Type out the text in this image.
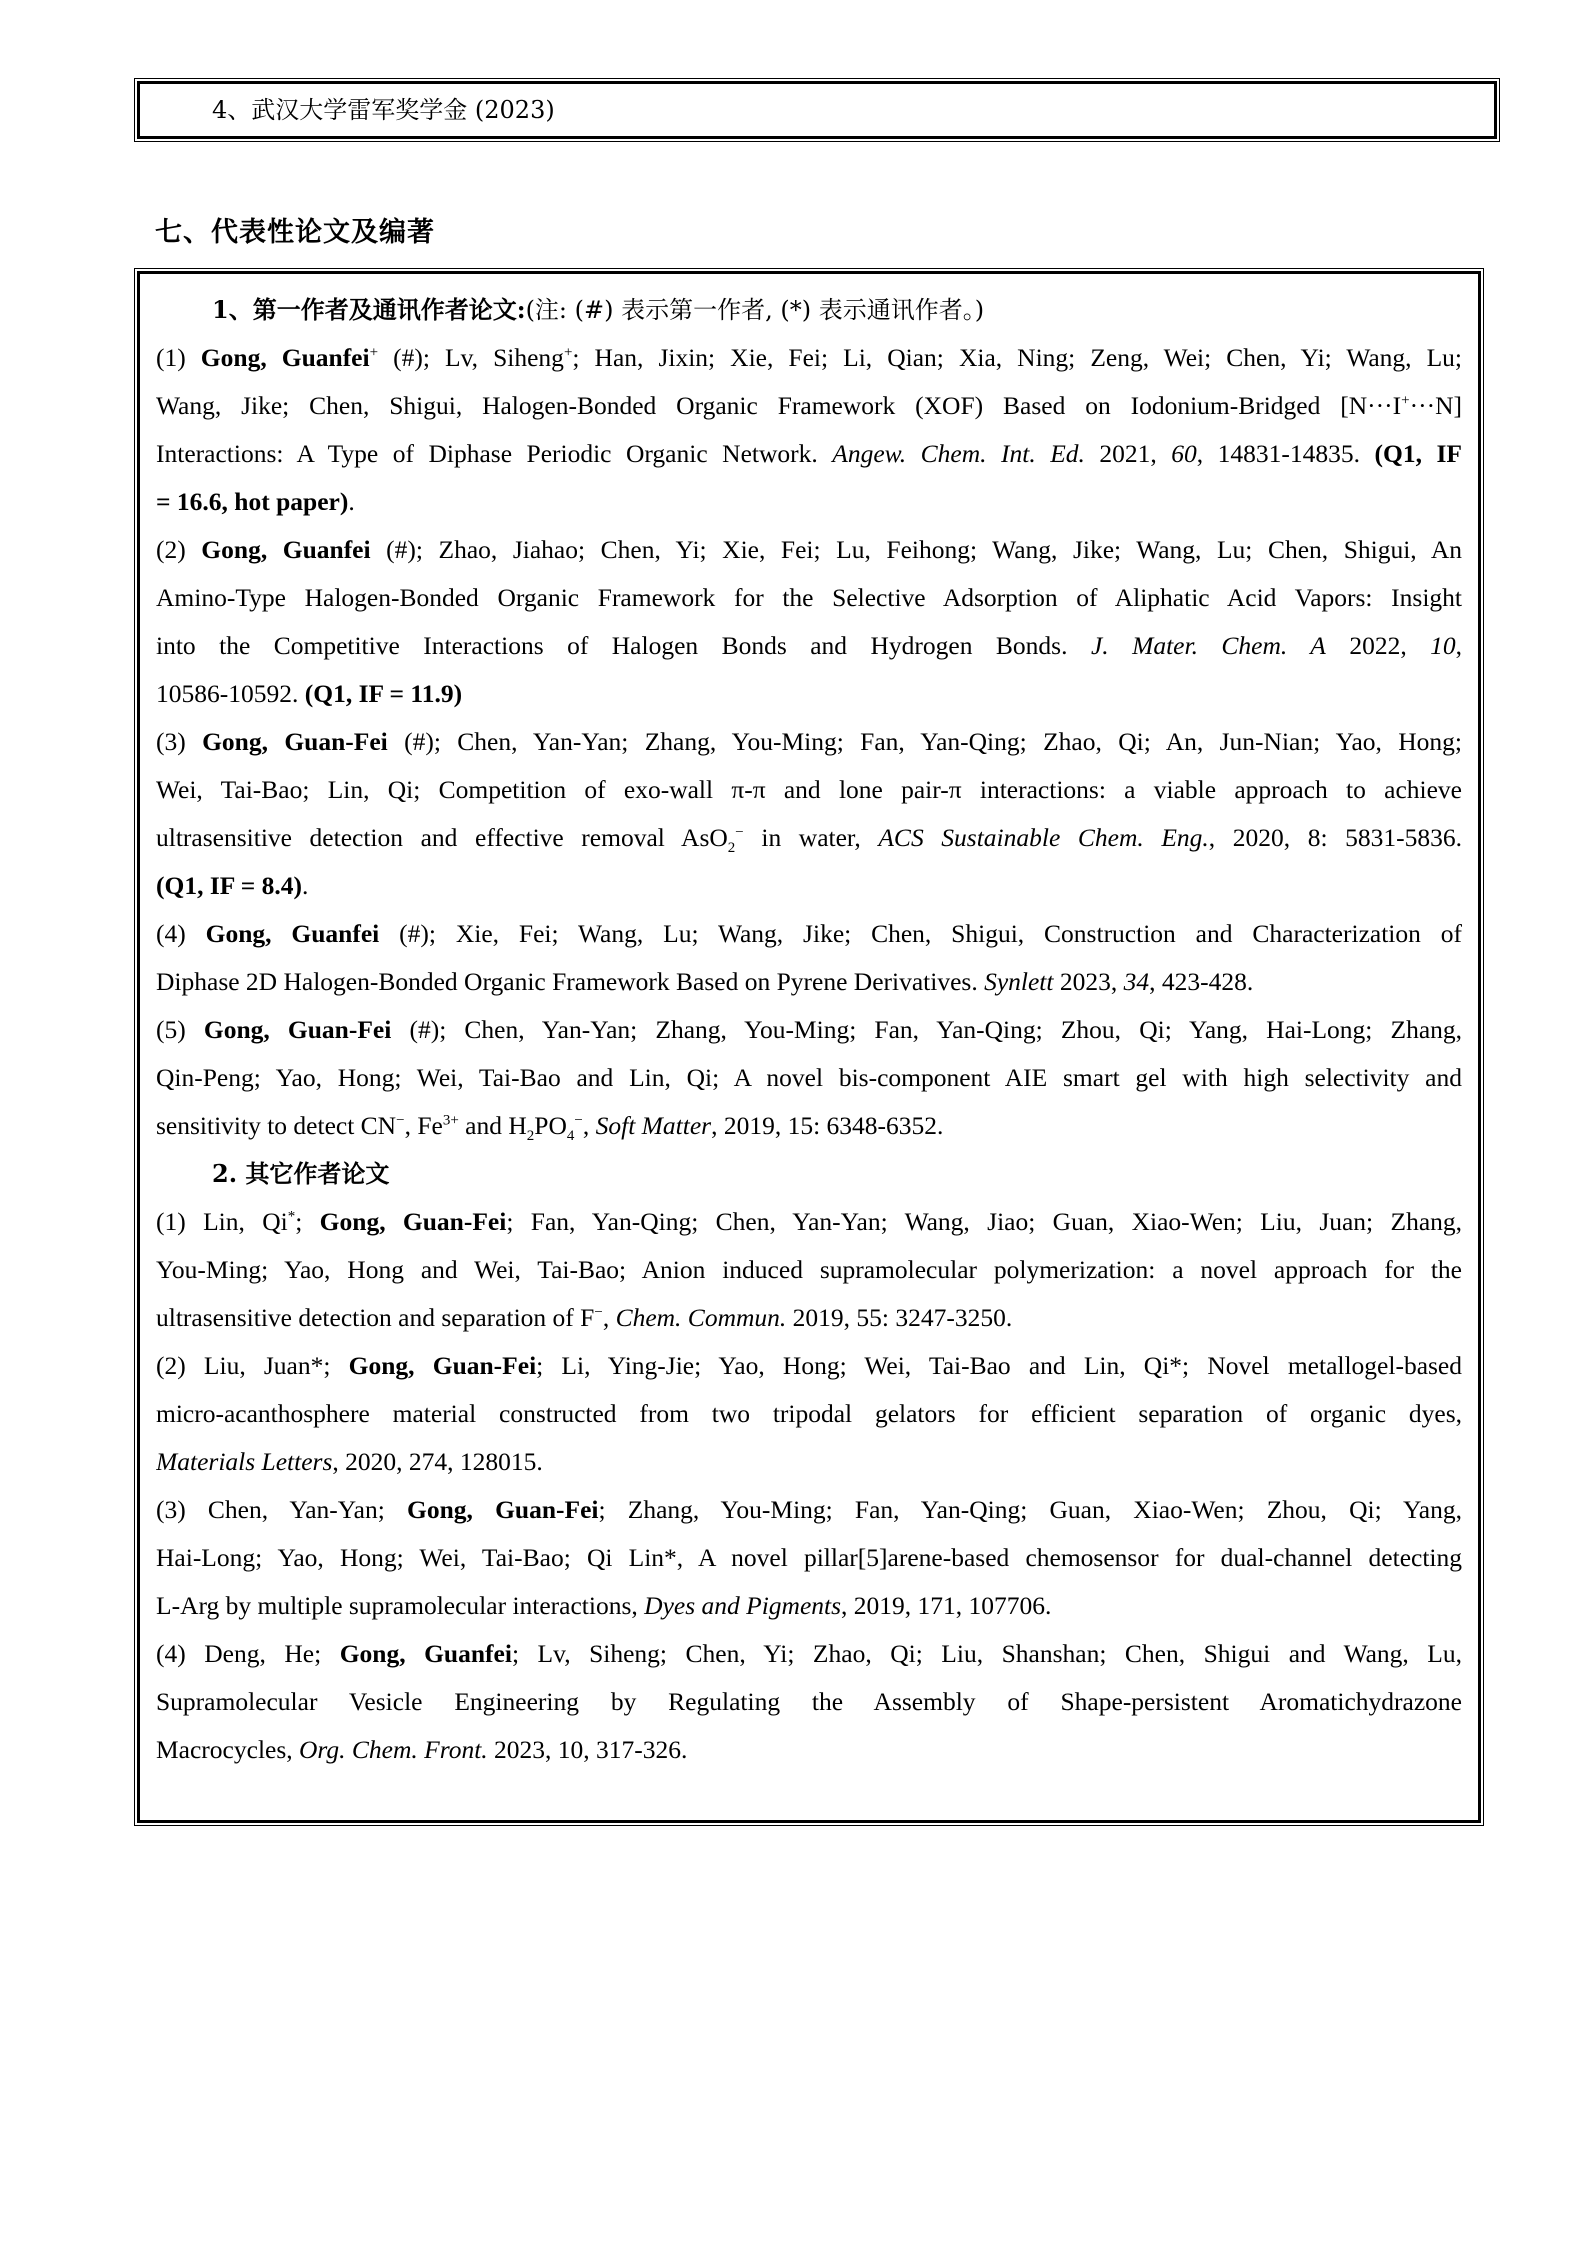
4、武汉大学雷军奖学金 (2023)
七、代表性论文及编著
1、第一作者及通讯作者论文:(注: (#) 表示第一作者, (*) 表示通讯作者。)
(1) Gong, Guanfei+ (#); Lv, Siheng+; Han, Jixin; Xie, Fei; Li, Qian; Xia, Ning; Zeng, Wei; Chen, Yi; Wang, Lu;
Wang, Jike; Chen, Shigui, Halogen-Bonded Organic Framework (XOF) Based on Iodonium-Bridged [N···I+···N]
Interactions: A Type of Diphase Periodic Organic Network. Angew. Chem. Int. Ed. 2021, 60, 14831-14835. (Q1, IF
= 16.6, hot paper).
(2) Gong, Guanfei (#); Zhao, Jiahao; Chen, Yi; Xie, Fei; Lu, Feihong; Wang, Jike; Wang, Lu; Chen, Shigui, An
Amino-Type Halogen-Bonded Organic Framework for the Selective Adsorption of Aliphatic Acid Vapors: Insight
into the Competitive Interactions of Halogen Bonds and Hydrogen Bonds. J. Mater. Chem. A 2022, 10,
10586-10592. (Q1, IF = 11.9)
(3) Gong, Guan-Fei (#); Chen, Yan-Yan; Zhang, You-Ming; Fan, Yan-Qing; Zhao, Qi; An, Jun-Nian; Yao, Hong;
Wei, Tai-Bao; Lin, Qi; Competition of exo-wall π-π and lone pair-π interactions: a viable approach to achieve
ultrasensitive detection and effective removal AsO$_2$− in water, ACS Sustainable Chem. Eng., 2020, 8: 5831-5836.
(Q1, IF = 8.4).
(4) Gong, Guanfei (#); Xie, Fei; Wang, Lu; Wang, Jike; Chen, Shigui, Construction and Characterization of
Diphase 2D Halogen-Bonded Organic Framework Based on Pyrene Derivatives. Synlett 2023, 34, 423-428.
(5) Gong, Guan-Fei (#); Chen, Yan-Yan; Zhang, You-Ming; Fan, Yan-Qing; Zhou, Qi; Yang, Hai-Long; Zhang,
Qin-Peng; Yao, Hong; Wei, Tai-Bao and Lin, Qi; A novel bis-component AIE smart gel with high selectivity and
sensitivity to detect CN−, $Fe^{3+}$ and $H_2PO_4^-$, Soft Matter, 2019, 15: 6348-6352.
2. 其它作者论文
(1) Lin, Qi*; Gong, Guan-Fei; Fan, Yan-Qing; Chen, Yan-Yan; Wang, Jiao; Guan, Xiao-Wen; Liu, Juan; Zhang,
You-Ming; Yao, Hong and Wei, Tai-Bao; Anion induced supramolecular polymerization: a novel approach for the
ultrasensitive detection and separation of F−, Chem. Commun. 2019, 55: 3247-3250.
(2) Liu, Juan*; Gong, Guan-Fei; Li, Ying-Jie; Yao, Hong; Wei, Tai-Bao and Lin, Qi*; Novel metallogel-based
micro-acanthosphere material constructed from two tripodal gelators for efficient separation of organic dyes,
Materials Letters, 2020, 274, 128015.
(3) Chen, Yan-Yan; Gong, Guan-Fei; Zhang, You-Ming; Fan, Yan-Qing; Guan, Xiao-Wen; Zhou, Qi; Yang,
Hai-Long; Yao, Hong; Wei, Tai-Bao; Qi Lin*, A novel pillar[5]arene-based chemosensor for dual-channel detecting
L-Arg by multiple supramolecular interactions, Dyes and Pigments, 2019, 171, 107706.
(4) Deng, He; Gong, Guanfei; Lv, Siheng; Chen, Yi; Zhao, Qi; Liu, Shanshan; Chen, Shigui and Wang, Lu,
Supramolecular Vesicle Engineering by Regulating the Assembly of Shape-persistent Aromatichydrazone
Macrocycles, Org. Chem. Front. 2023, 10, 317-326.
